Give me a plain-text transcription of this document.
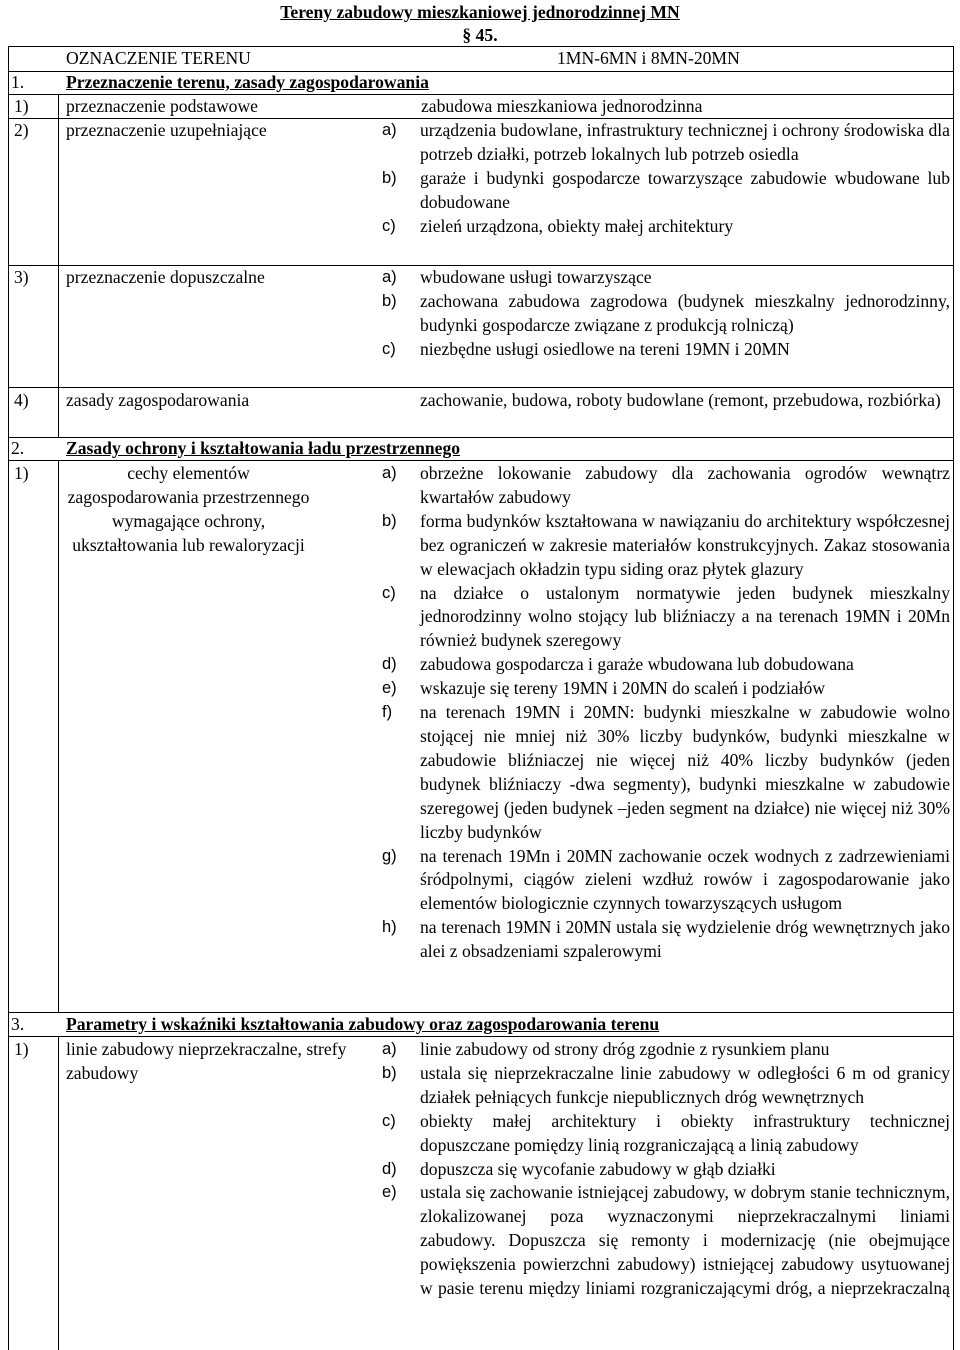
Tereny zabudowy mieszkaniowej jednorodzinnej MN
§ 45.
OZNACZENIE TERENU	1MN-6MN i 8MN-20MN
1. Przeznaczenie terenu, zasady zagospodarowania
1) przeznaczenie podstawowe	zabudowa mieszkaniowa jednorodzinna
2) przeznaczenie uzupełniające	a) urządzenia budowlane, infrastruktury technicznej i ochrony środowiska dla potrzeb działki, potrzeb lokalnych lub potrzeb osiedla
b) garaże i budynki gospodarcze towarzyszące zabudowie wbudowane lub dobudowane
c) zieleń urządzona, obiekty małej architektury
3) przeznaczenie dopuszczalne	a) wbudowane usługi towarzyszące
b) zachowana zabudowa zagrodowa (budynek mieszkalny jednorodzinny, budynki gospodarcze związane z produkcją rolniczą)
c) niezbędne usługi osiedlowe na tereni 19MN i 20MN
4) zasady zagospodarowania	zachowanie, budowa, roboty budowlane (remont, przebudowa, rozbiórka)
2. Zasady ochrony i kształtowania ładu przestrzennego
1)	cechy elementów zagospodarowania przestrzennego wymagające ochrony, ukształtowania lub rewaloryzacji
a) obrzeżne lokowanie zabudowy dla zachowania ogrodów wewnątrz kwartałów zabudowy
b) forma budynków kształtowana w nawiązaniu do architektury współczesnej bez ograniczeń w zakresie materiałów konstrukcyjnych. Zakaz stosowania w elewacjach okładzin typu siding oraz płytek glazury
c) na działce o ustalonym normatywie jeden budynek mieszkalny jednorodzinny wolno stojący lub bliźniaczy a na terenach 19MN i 20Mn również budynek szeregowy
d) zabudowa gospodarcza i garaże wbudowana lub dobudowana
e) wskazuje się tereny 19MN i 20MN do scaleń i podziałów
f) na terenach 19MN i 20MN: budynki mieszkalne w zabudowie wolno stojącej nie mniej niż 30% liczby budynków, budynki mieszkalne w zabudowie bliźniaczej nie więcej niż 40% liczby budynków (jeden budynek bliźniaczy -dwa segmenty), budynki mieszkalne w zabudowie szeregowej (jeden budynek –jeden segment na działce) nie więcej niż 30% liczby budynków
g) na terenach 19Mn i 20MN zachowanie oczek wodnych z zadrzewieniami śródpolnymi, ciągów zieleni wzdłuż rowów i zagospodarowanie jako elementów biologicznie czynnych towarzyszących usługom
h) na terenach 19MN i 20MN ustala się wydzielenie dróg wewnętrznych jako alei z obsadzeniami szpalerowymi
3. Parametry i wskaźniki kształtowania zabudowy oraz zagospodarowania terenu
1) linie zabudowy nieprzekraczalne, strefy zabudowy
a) linie zabudowy od strony dróg zgodnie z rysunkiem planu
b) ustala się nieprzekraczalne linie zabudowy w odległości 6 m od granicy działek pełniących funkcje niepublicznych dróg wewnętrznych
c) obiekty małej architektury i obiekty infrastruktury technicznej dopuszczane pomiędzy linią rozgraniczającą a linią zabudowy
d) dopuszcza się wycofanie zabudowy w głąb działki
e) ustala się zachowanie istniejącej zabudowy, w dobrym stanie technicznym, zlokalizowanej poza wyznaczonymi nieprzekraczalnymi liniami zabudowy. Dopuszcza się remonty i modernizację (nie obejmujące powiększenia powierzchni zabudowy) istniejącej zabudowy usytuowanej w pasie terenu między liniami rozgraniczającymi dróg, a nieprzekraczalną
